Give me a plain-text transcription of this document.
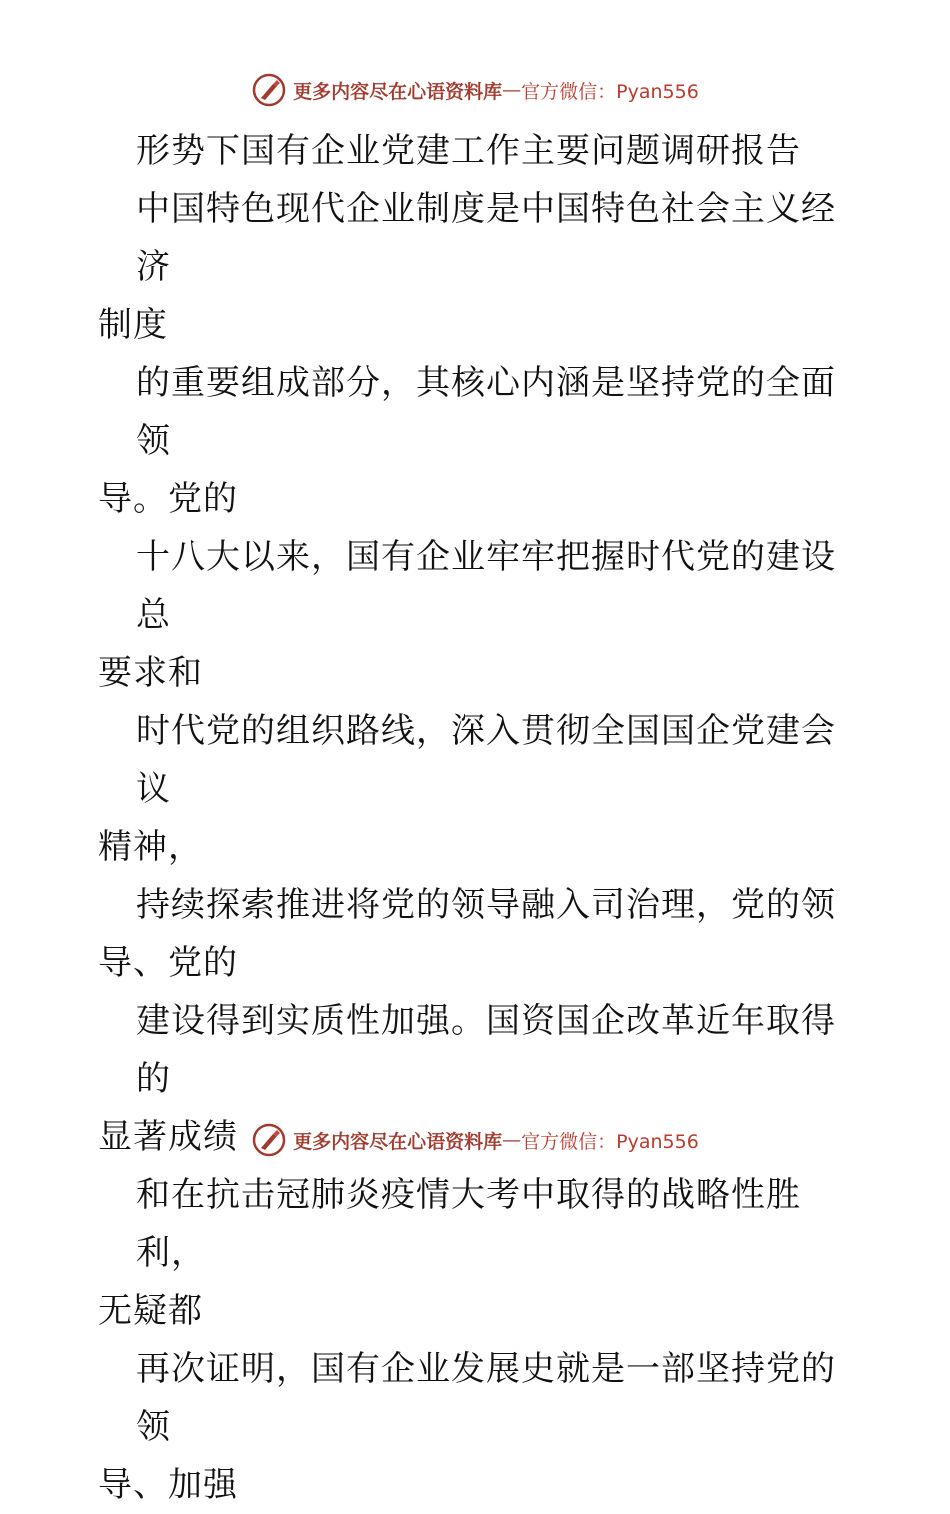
更多内容尽在心语资料库 — 官方微信：Pyan556

形势下国有企业党建工作主要问题调研报告

中国特色现代企业制度是中国特色社会主义经济

制度

的重要组成部分，其核心内涵是坚持党的全面领

导。党的

十八大以来，国有企业牢牢把握时代党的建设总

要求和

时代党的组织路线，深入贯彻全国国企党建会议

精神，

持续探索推进将党的领导融入司治理，党的领

导、党的

建设得到实质性加强。国资国企改革近年取得的

显著成绩

和在抗击冠肺炎疫情大考中取得的战略性胜利，

无疑都

再次证明，国有企业发展史就是一部坚持党的领

导、加强

更多内容尽在心语资料库 — 官方微信：Pyan556
